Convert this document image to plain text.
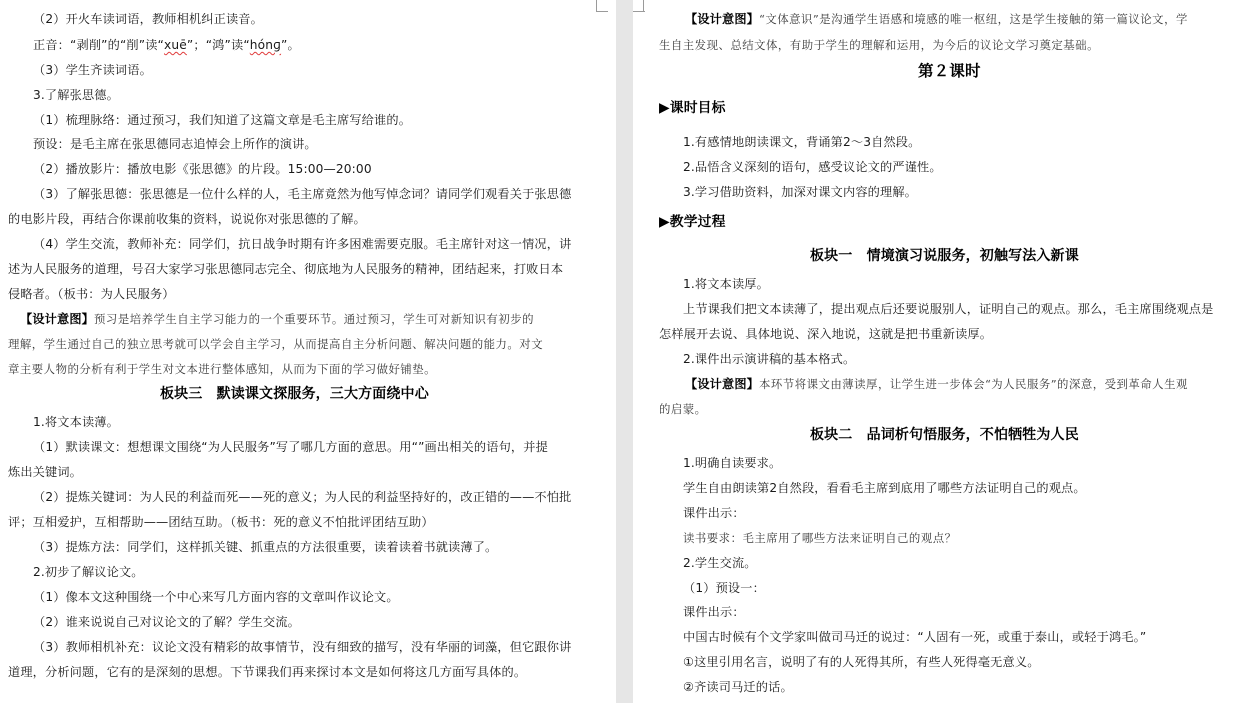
（2）开火车读词语，教师相机纠正读音。
正音：“剥削”的“削”读“xuē”；“鸿”读“hónɡ”。
（3）学生齐读词语。
3.了解张思德。
（1）梳理脉络：通过预习，我们知道了这篇文章是毛主席写给谁的。
预设：是毛主席在张思德同志追悼会上所作的演讲。
（2）播放影片：播放电影《张思德》的片段。15:00—20:00
（3）了解张思德：张思德是一位什么样的人，毛主席竟然为他写悼念词？请同学们观看关于张思德
的电影片段，再结合你课前收集的资料，说说你对张思德的了解。
（4）学生交流，教师补充：同学们，抗日战争时期有许多困难需要克服。毛主席针对这一情况，讲
述为人民服务的道理，号召大家学习张思德同志完全、彻底地为人民服务的精神，团结起来，打败日本
侵略者。（板书：为人民服务）
【设计意图】预习是培养学生自主学习能力的一个重要环节。通过预习，学生可对新知识有初步的
理解，学生通过自己的独立思考就可以学会自主学习，从而提高自主分析问题、解决问题的能力。对文
章主要人物的分析有利于学生对文本进行整体感知，从而为下面的学习做好铺垫。
板块三　默读课文探服务，三大方面绕中心
1.将文本读薄。
（1）默读课文：想想课文围绕“为人民服务”写了哪几方面的意思。用“”画出相关的语句，并提
炼出关键词。
（2）提炼关键词：为人民的利益而死——死的意义；为人民的利益坚持好的，改正错的——不怕批
评；互相爱护，互相帮助——团结互助。（板书：死的意义不怕批评团结互助）
（3）提炼方法：同学们，这样抓关键、抓重点的方法很重要，读着读着书就读薄了。
2.初步了解议论文。
（1）像本文这种围绕一个中心来写几方面内容的文章叫作议论文。
（2）谁来说说自己对议论文的了解？学生交流。
（3）教师相机补充：议论文没有精彩的故事情节，没有细致的描写，没有华丽的词藻，但它跟你讲
道理，分析问题，它有的是深刻的思想。下节课我们再来探讨本文是如何将这几方面写具体的。
【设计意图】“文体意识”是沟通学生语感和境感的唯一枢纽，这是学生接触的第一篇议论文，学
生自主发现、总结文体，有助于学生的理解和运用，为今后的议论文学习奠定基础。
第２课时
▶课时目标
1.有感情地朗读课文，背诵第2～3自然段。
2.品悟含义深刻的语句，感受议论文的严谨性。
3.学习借助资料，加深对课文内容的理解。
▶教学过程
板块一　情境演习说服务，初触写法入新课
1.将文本读厚。
上节课我们把文本读薄了，提出观点后还要说服别人，证明自己的观点。那么，毛主席围绕观点是
怎样展开去说、具体地说、深入地说，这就是把书重新读厚。
2.课件出示演讲稿的基本格式。
【设计意图】本环节将课文由薄读厚，让学生进一步体会“为人民服务”的深意，受到革命人生观
的启蒙。
板块二　品词析句悟服务，不怕牺牲为人民
1.明确自读要求。
学生自由朗读第2自然段，看看毛主席到底用了哪些方法证明自己的观点。
课件出示：
读书要求：毛主席用了哪些方法来证明自己的观点？
2.学生交流。
（1）预设一：
课件出示：
中国古时候有个文学家叫做司马迁的说过：“人固有一死，或重于泰山，或轻于鸿毛。”
①这里引用名言，说明了有的人死得其所，有些人死得毫无意义。
②齐读司马迁的话。
